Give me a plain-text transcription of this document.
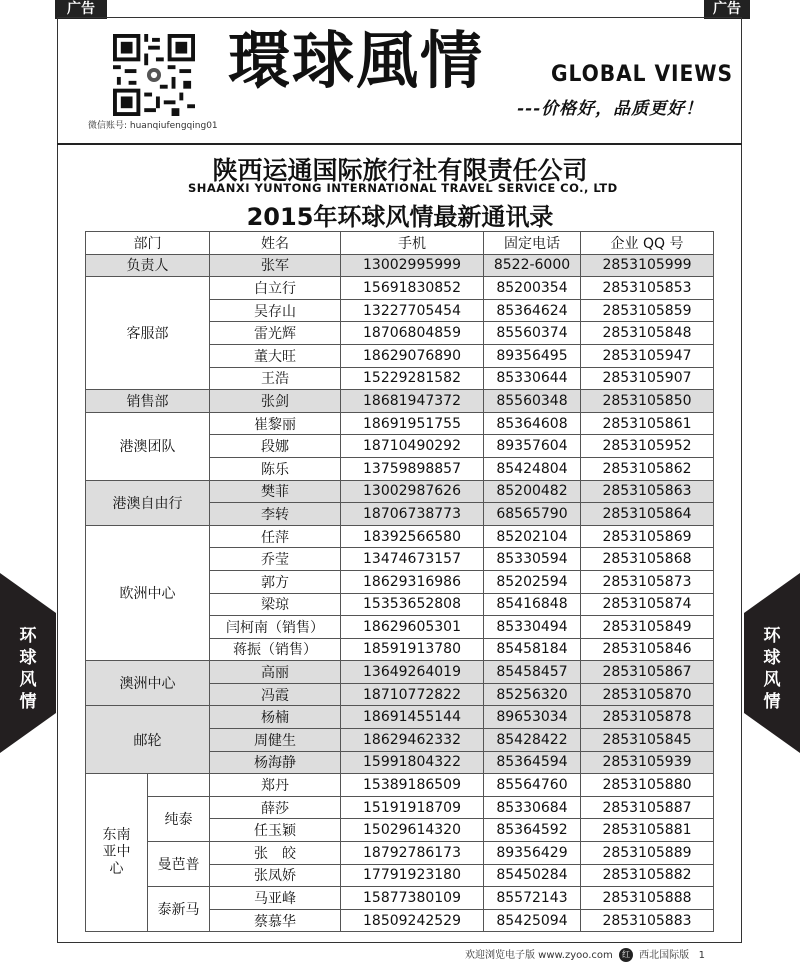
广告	广告
微信账号: huanqiufengqing01
環球風情	GLOBAL VIEWS
---价格好，品质更好！
陕西运通国际旅行社有限责任公司
SHAANXI YUNTONG INTERNATIONAL TRAVEL SERVICE CO., LTD
2015年环球风情最新通讯录
部门		姓名	手机	固定电话	企业 QQ 号
负责人		张军	13002995999	8522-6000	2853105999
客服部		白立行	15691830852	85200354	2853105853
		吴存山	13227705454	85364624	2853105859
		雷光辉	18706804859	85560374	2853105848
		董大旺	18629076890	89356495	2853105947
		王浩	15229281582	85330644	2853105907
销售部		张剑	18681947372	85560348	2853105850
港澳团队		崔黎丽	18691951755	85364608	2853105861
		段娜	18710490292	89357604	2853105952
		陈乐	13759898857	85424804	2853105862
港澳自由行		樊菲	13002987626	85200482	2853105863
		李转	18706738773	68565790	2853105864
欧洲中心		任萍	18392566580	85202104	2853105869
		乔莹	13474673157	85330594	2853105868
		郭方	18629316986	85202594	2853105873
		梁琼	15353652808	85416848	2853105874
		闫柯南（销售）	18629605301	85330494	2853105849
		蒋振（销售）	18591913780	85458184	2853105846
澳洲中心		高丽	13649264019	85458457	2853105867
		冯霞	18710772822	85256320	2853105870
邮轮		杨楠	18691455144	89653034	2853105878
		周健生	18629462332	85428422	2853105845
		杨海静	15991804322	85364594	2853105939
东南亚中心		郑丹	15389186509	85564760	2853105880
	纯泰	薛莎	15191918709	85330684	2853105887
		任玉颖	15029614320	85364592	2853105881
	曼芭普	张　皎	18792786173	89356429	2853105889
		张凤娇	17791923180	85450284	2853105882
	泰新马	马亚峰	15877380109	85572143	2853105888
		蔡慕华	18509242529	85425094	2853105883
环球风情
环球风情
欢迎浏览电子版 www.zyoo.com 红 西北国际版 1
